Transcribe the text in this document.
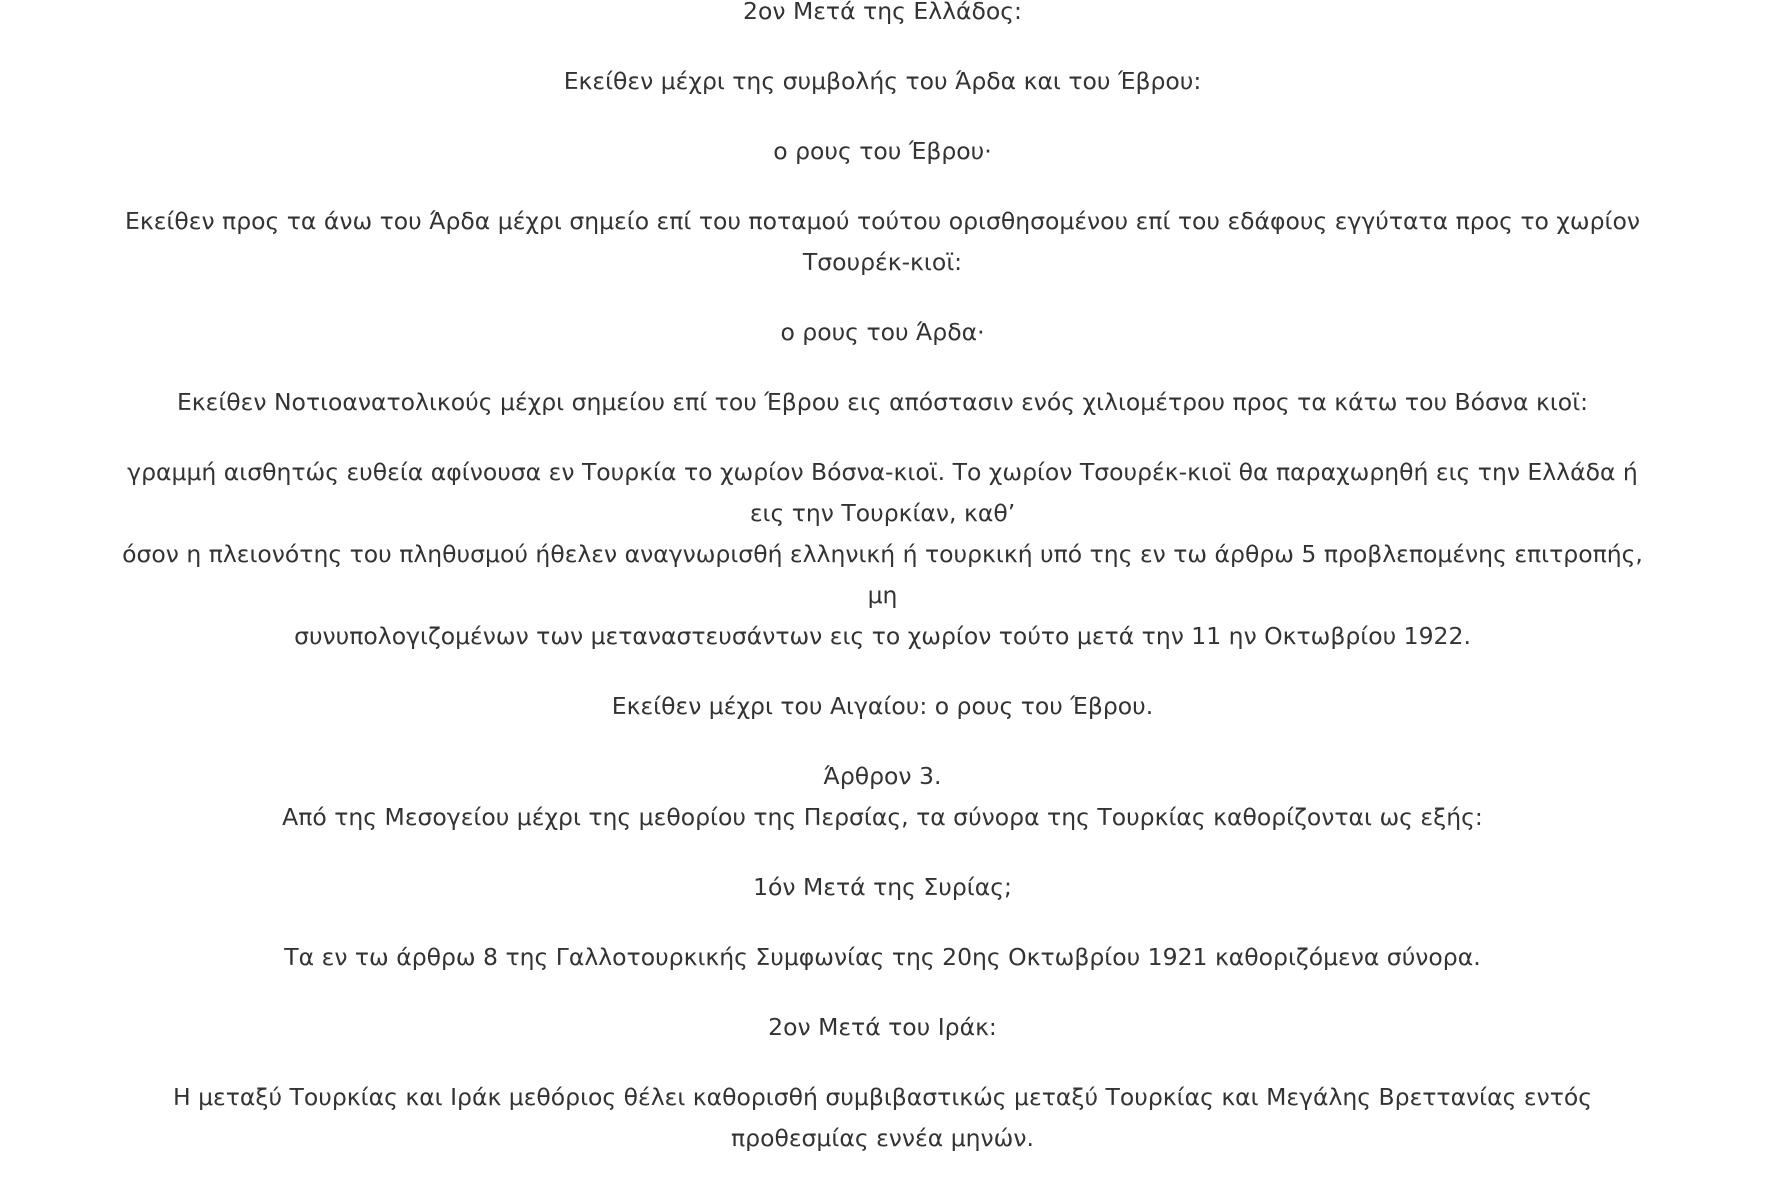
2ον Μετά της Ελλάδος:

Εκείθεν μέχρι της συμβολής του Άρδα και του Έβρου:

ο ρους του Έβρου·

Εκείθεν προς τα άνω του Άρδα μέχρι σημείο επί του ποταμού τούτου ορισθησομένου επί του εδάφους εγγύτατα προς το χωρίον
Τσουρέκ-κιοϊ:

ο ρους του Άρδα·

Εκείθεν Νοτιοανατολικούς μέχρι σημείου επί του Έβρου εις απόστασιν ενός χιλιομέτρου προς τα κάτω του Βόσνα κιοϊ:

γραμμή αισθητώς ευθεία αφίνουσα εν Τουρκία το χωρίον Βόσνα-κιοϊ. Το χωρίον Τσουρέκ-κιοϊ θα παραχωρηθή εις την Ελλάδα ή
εις την Τουρκίαν, καθ’
όσον η πλειονότης του πληθυσμού ήθελεν αναγνωρισθή ελληνική ή τουρκική υπό της εν τω άρθρω 5 προβλεπομένης επιτροπής,
μη
συνυπολογιζομένων των μεταναστευσάντων εις το χωρίον τούτο μετά την 11 ην Οκτωβρίου 1922.

Εκείθεν μέχρι του Αιγαίου: ο ρους του Έβρου.

Άρθρον 3.
Από της Μεσογείου μέχρι της μεθορίου της Περσίας, τα σύνορα της Τουρκίας καθορίζονται ως εξής:

1όν Μετά της Συρίας;

Τα εν τω άρθρω 8 της Γαλλοτουρκικής Συμφωνίας της 20ης Οκτωβρίου 1921 καθοριζόμενα σύνορα.

2ον Μετά του Ιράκ:

Η μεταξύ Τουρκίας και Ιράκ μεθόριος θέλει καθορισθή συμβιβαστικώς μεταξύ Τουρκίας και Μεγάλης Βρεττανίας εντός
προθεσμίας εννέα μηνών.
